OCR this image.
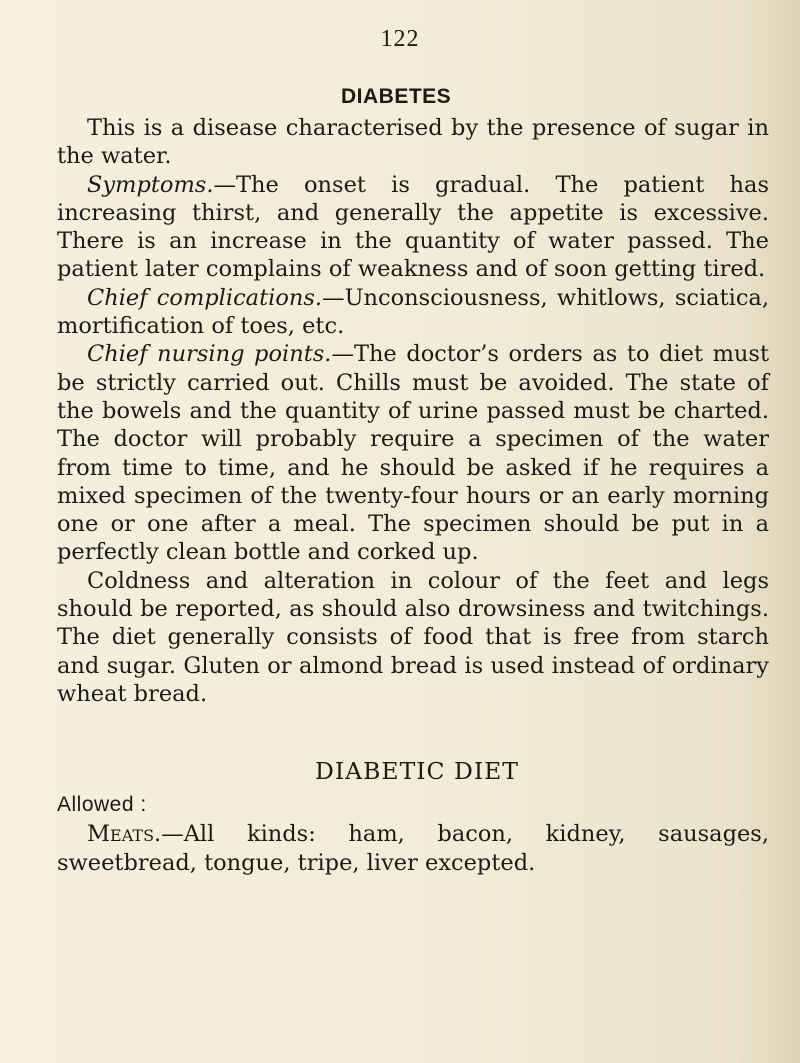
122
DIABETES

This is a disease characterised by the presence of sugar in the water.

Symptoms.—The onset is gradual. The patient has increasing thirst, and generally the appetite is excessive. There is an increase in the quantity of water passed. The patient later complains of weakness and of soon getting tired.

Chief complications.—Unconsciousness, whitlows, sciatica, mortification of toes, etc.

Chief nursing points.—The doctor’s orders as to diet must be strictly carried out. Chills must be avoided. The state of the bowels and the quantity of urine passed must be charted. The doctor will probably require a specimen of the water from time to time, and he should be asked if he requires a mixed specimen of the twenty-four hours or an early morning one or one after a meal. The specimen should be put in a perfectly clean bottle and corked up.

Coldness and alteration in colour of the feet and legs should be reported, as should also drowsiness and twitchings. The diet generally consists of food that is free from starch and sugar. Gluten or almond bread is used instead of ordinary wheat bread.

DIABETIC DIET
Allowed :

Meats.—All kinds: ham, bacon, kidney, sausages, sweetbread, tongue, tripe, liver excepted.
